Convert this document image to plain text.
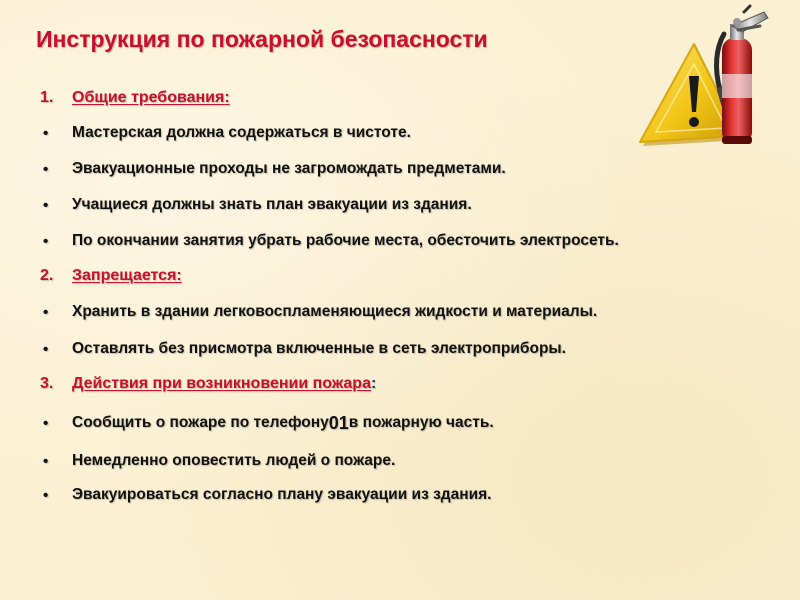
Инструкция по пожарной безопасности
1.	Общие требования :
•	Мастерская должна содержаться в чистоте.
•	Эвакуационные проходы не загромождать предметами.
•	Учащиеся должны знать план эвакуации из здания.
•	По окончании занятия убрать рабочие места, обесточить электросеть.
2.	Запрещается:
•	Хранить в здании легковоспламеняющиеся жидкости и материалы.
•	Оставлять без присмотра включенные в сеть электроприборы.
3.	Действия при возникновении пожара :
•	Сообщить о пожаре по телефону 01 в пожарную часть.
•	Немедленно оповестить людей о пожаре.
•	Эвакуироваться согласно плану эвакуации из здания.
